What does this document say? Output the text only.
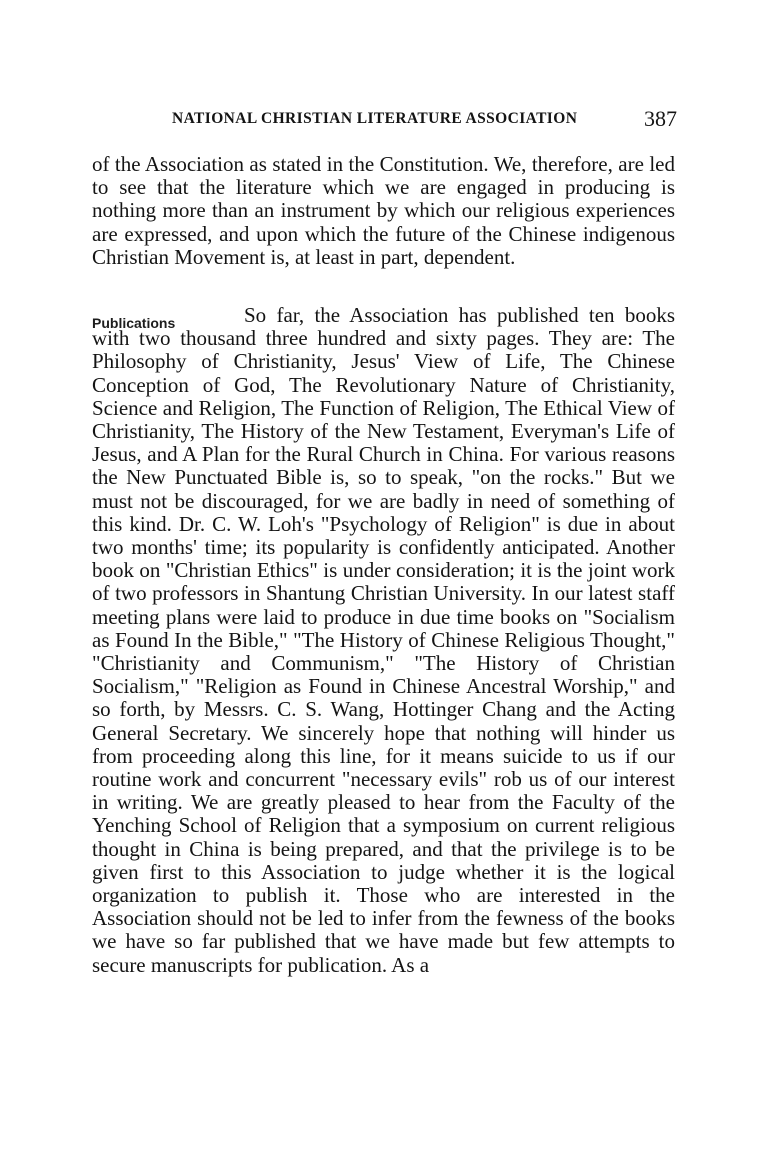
NATIONAL CHRISTIAN LITERATURE ASSOCIATION	387

of the Association as stated in the Constitution. We, therefore, are led to see that the literature which we are engaged in producing is nothing more than an instrument by which our religious experiences are expressed, and upon which the future of the Chinese indigenous Christian Movement is, at least in part, dependent.

Publications	So far, the Association has published ten books with two thousand three hundred and sixty pages. They are: The Philosophy of Christianity, Jesus' View of Life, The Chinese Conception of God, The Revolutionary Nature of Christianity, Science and Religion, The Function of Religion, The Ethical View of Christianity, The History of the New Testament, Everyman's Life of Jesus, and A Plan for the Rural Church in China. For various reasons the New Punctuated Bible is, so to speak, "on the rocks." But we must not be discouraged, for we are badly in need of something of this kind. Dr. C. W. Loh's "Psychology of Religion" is due in about two months' time; its popularity is confidently anticipated. Another book on "Christian Ethics" is under consideration; it is the joint work of two professors in Shantung Christian University. In our latest staff meeting plans were laid to produce in due time books on "Socialism as Found In the Bible," "The History of Chinese Religious Thought," "Christianity and Communism," "The History of Christian Socialism," "Religion as Found in Chinese Ancestral Worship," and so forth, by Messrs. C. S. Wang, Hottinger Chang and the Acting General Secretary. We sincerely hope that nothing will hinder us from proceeding along this line, for it means suicide to us if our routine work and concurrent "necessary evils" rob us of our interest in writing. We are greatly pleased to hear from the Faculty of the Yenching School of Religion that a symposium on current religious thought in China is being prepared, and that the privilege is to be given first to this Association to judge whether it is the logical organization to publish it. Those who are interested in the Association should not be led to infer from the fewness of the books we have so far published that we have made but few attempts to secure manuscripts for publication. As a
